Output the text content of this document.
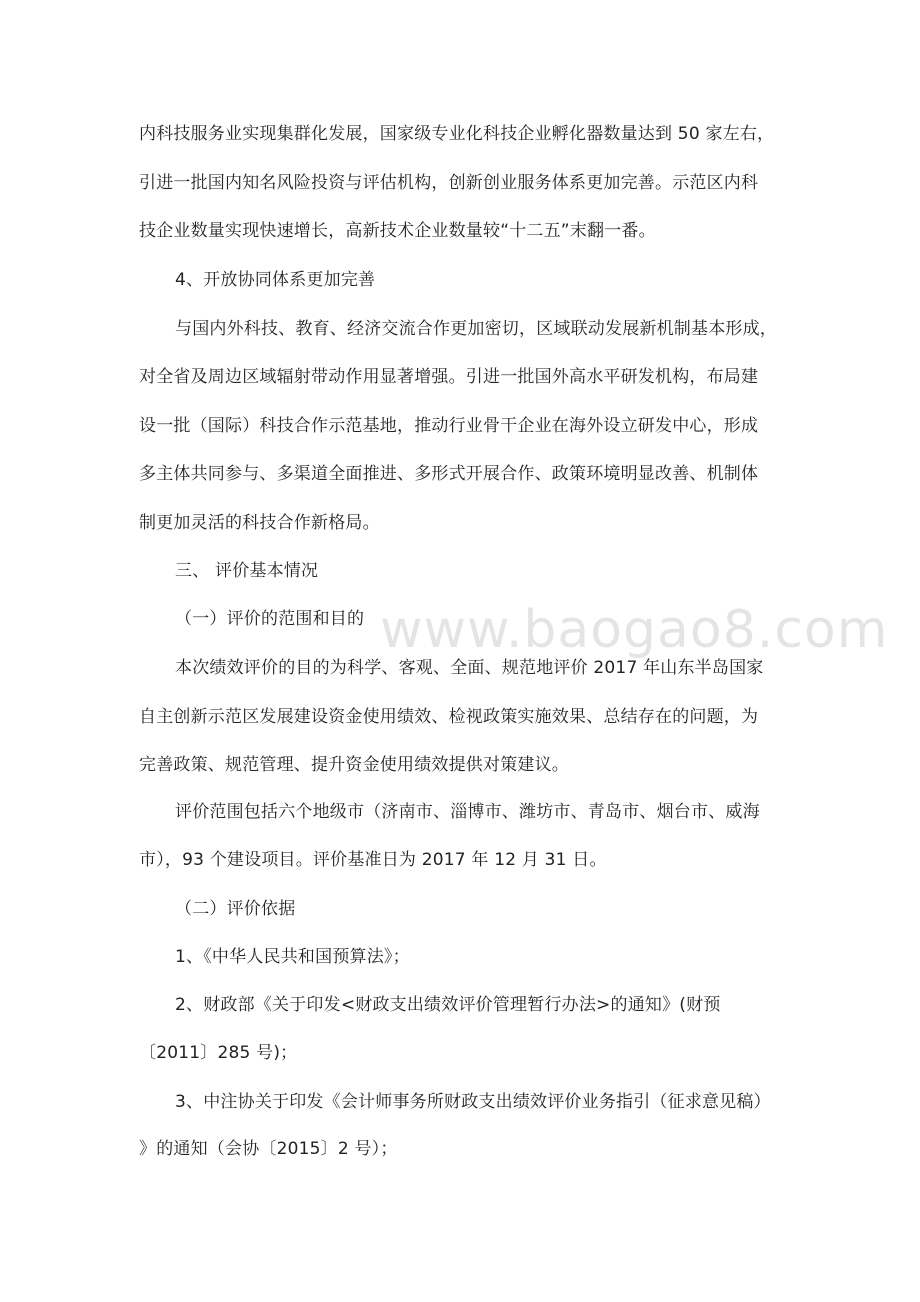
内科技服务业实现集群化发展，国家级专业化科技企业孵化器数量达到 50 家左右，
引进一批国内知名风险投资与评估机构，创新创业服务体系更加完善。示范区内科
技企业数量实现快速增长，高新技术企业数量较“十二五”末翻一番。
4、开放协同体系更加完善
与国内外科技、教育、经济交流合作更加密切，区域联动发展新机制基本形成，
对全省及周边区域辐射带动作用显著增强。引进一批国外高水平研发机构，布局建
设一批（国际）科技合作示范基地，推动行业骨干企业在海外设立研发中心，形成
多主体共同参与、多渠道全面推进、多形式开展合作、政策环境明显改善、机制体
制更加灵活的科技合作新格局。
三、 评价基本情况
（一）评价的范围和目的
本次绩效评价的目的为科学、客观、全面、规范地评价 2017 年山东半岛国家
自主创新示范区发展建设资金使用绩效、检视政策实施效果、总结存在的问题，为
完善政策、规范管理、提升资金使用绩效提供对策建议。
评价范围包括六个地级市（济南市、淄博市、潍坊市、青岛市、烟台市、威海
市），93 个建设项目。评价基准日为 2017 年 12 月 31 日。
（二）评价依据
1、《中华人民共和国预算法》；
2、财政部《关于印发<财政支出绩效评价管理暂行办法>的通知》(财预
〔2011〕285 号)；
3、中注协关于印发《会计师事务所财政支出绩效评价业务指引（征求意见稿）
》的通知（会协〔2015〕2 号）；
www.baogao8.com
